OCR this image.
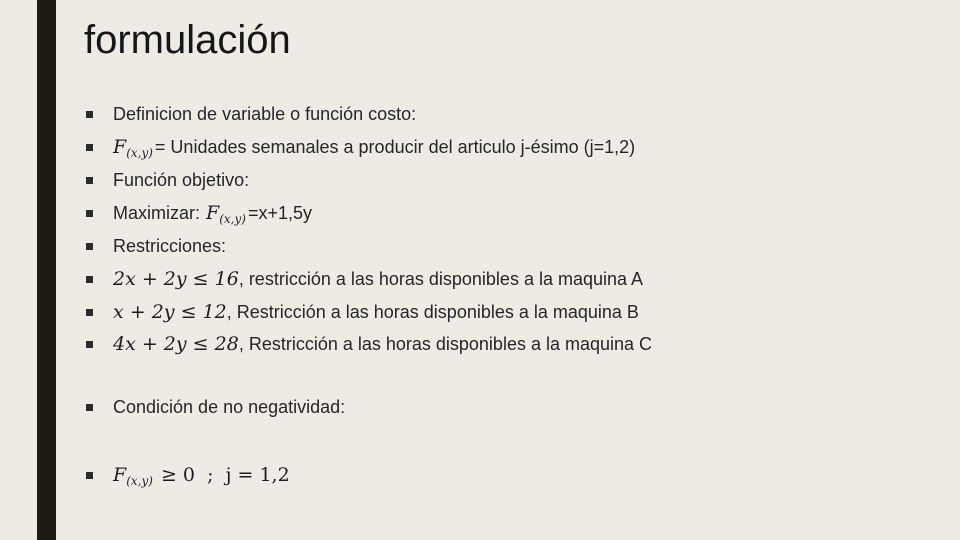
formulación
Definicion de variable o función costo:
F (x,y) = Unidades semanales a producir del articulo j-ésimo (j=1,2)
Función objetivo:
Maximizar: F (x,y) =x+1,5y
Restricciones:
2x + 2y ≤ 16 , restricción a las horas disponibles a la maquina A
x + 2y ≤ 12 , Restricción a las horas disponibles a la maquina B
4x + 2y ≤ 28 , Restricción a las horas disponibles a la maquina C
Condición de no negatividad:
F (x,y) ≥ 0  ;  j = 1,2
